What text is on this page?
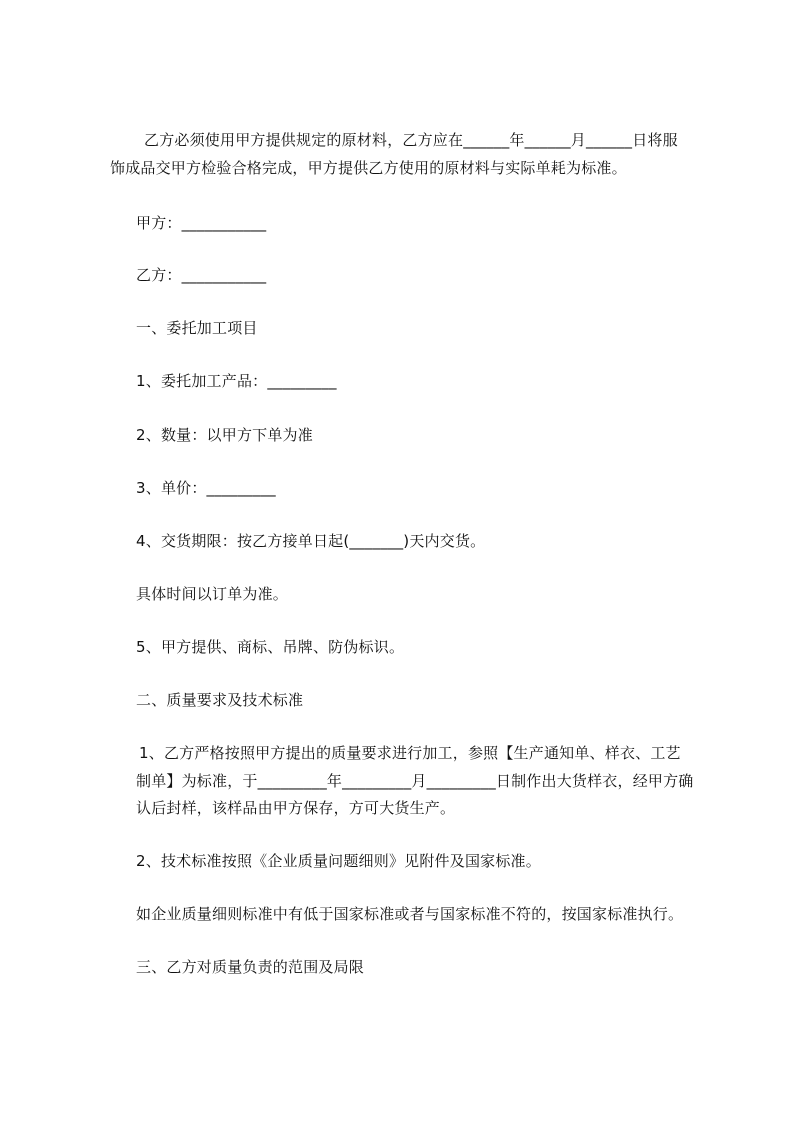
乙方必须使用甲方提供规定的原材料，乙方应在______年______月______日将服
饰成品交甲方检验合格完成，甲方提供乙方使用的原材料与实际单耗为标准。
甲方：___________
乙方：___________
一、委托加工项目
1、委托加工产品：_________
2、数量：以甲方下单为准
3、单价：_________
4、交货期限：按乙方接单日起(_______)天内交货。
具体时间以订单为准。
5、甲方提供、商标、吊牌、防伪标识。
二、质量要求及技术标准
1、乙方严格按照甲方提出的质量要求进行加工，参照【生产通知单、样衣、工艺
制单】为标准，于_________年_________月_________日制作出大货样衣，经甲方确
认后封样，该样品由甲方保存，方可大货生产。
2、技术标准按照《企业质量问题细则》见附件及国家标准。
如企业质量细则标准中有低于国家标准或者与国家标准不符的，按国家标准执行。
三、乙方对质量负责的范围及局限
